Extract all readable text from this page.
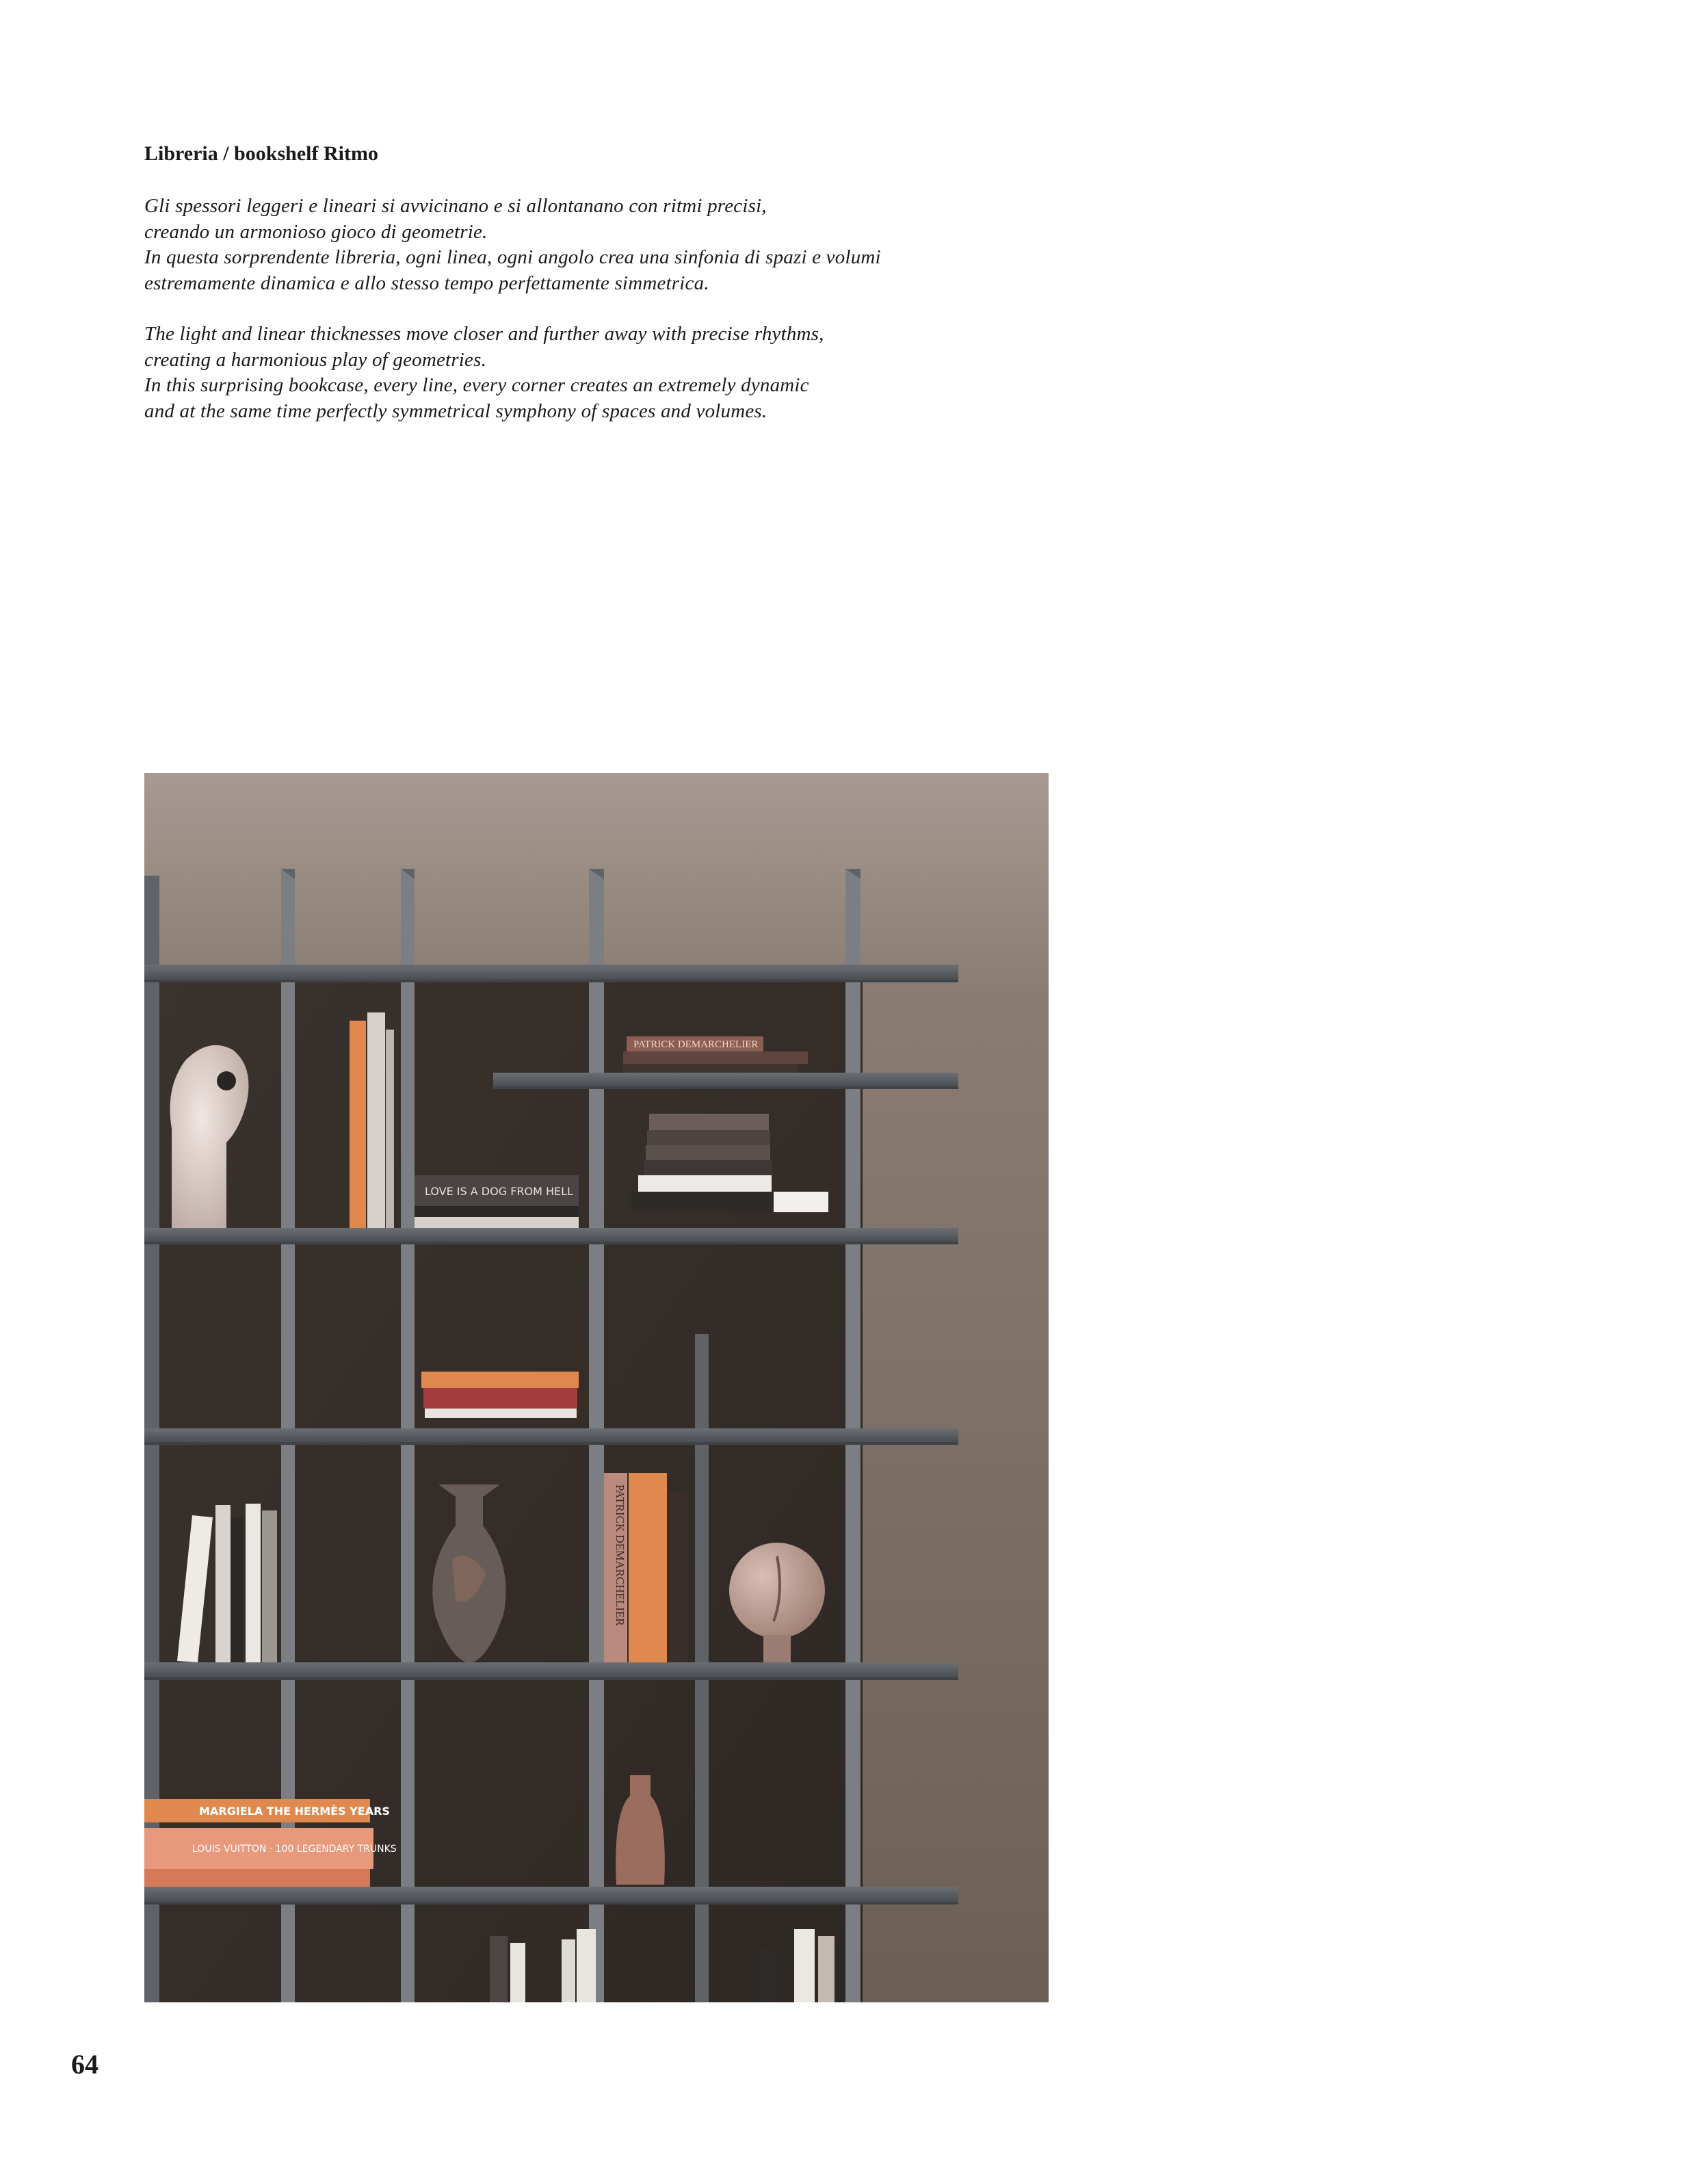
Libreria / bookshelf Ritmo

Gli spessori leggeri e lineari si avvicinano e si allontanano con ritmi precisi,
creando un armonioso gioco di geometrie.
In questa sorprendente libreria, ogni linea, ogni angolo crea una sinfonia di spazi e volumi
estremamente dinamica e allo stesso tempo perfettamente simmetrica.

The light and linear thicknesses move closer and further away with precise rhythms,
creating a harmonious play of geometries.
In this surprising bookcase, every line, every corner creates an extremely dynamic
and at the same time perfectly symmetrical symphony of spaces and volumes.

LOVE IS A DOG FROM HELL
PATRICK DEMARCHELIER
PATRICK DEMARCHELIER
MARGIELA THE HERMÈS YEARS
LOUIS VUITTON · 100 LEGENDARY TRUNKS
64
